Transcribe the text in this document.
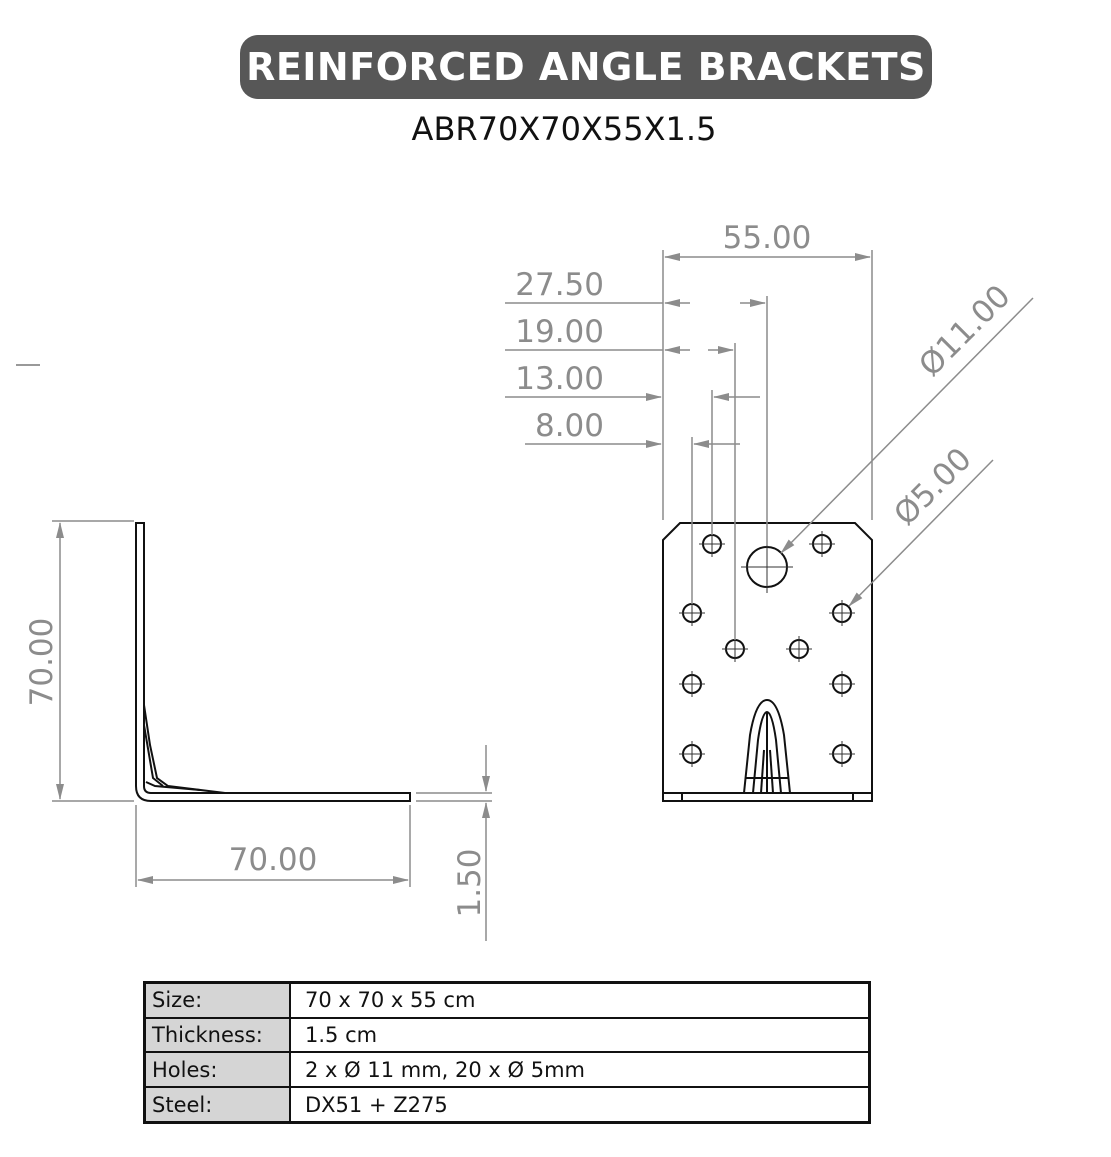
REINFORCED ANGLE BRACKETS
ABR70X70X55X1.5
70.00
70.00	1.50
55.00
27.50
19.00
13.00
8.00
Ø11.00
Ø5.00
Size:	70 x 70 x 55 cm
Thickness:	1.5 cm
Holes:	2 x Ø 11 mm, 20 x Ø 5mm
Steel:	DX51 + Z275
